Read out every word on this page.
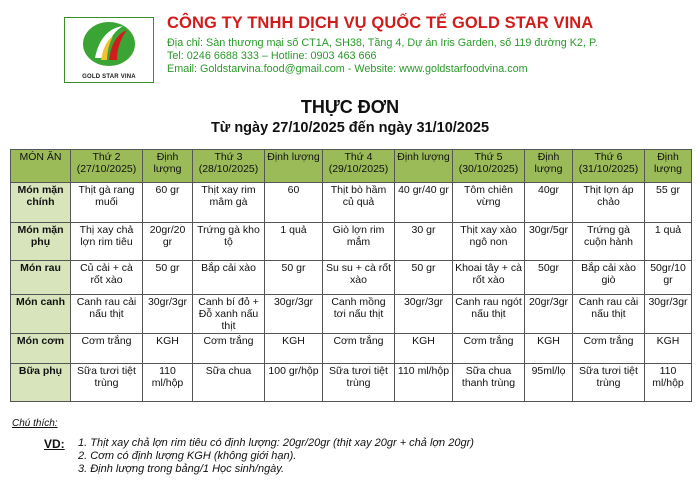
GOLD STAR VINA
CÔNG TY TNHH DỊCH VỤ QUỐC TẾ GOLD STAR VINA
Địa chỉ: Sàn thương mại số CT1A, SH38, Tầng 4, Dự án Iris Garden, số 119 đường K2, P.
Tel: 0246 6688 333 – Hotline: 0903 463 666
Email: Goldstarvina.food@gmail.com - Website: www.goldstarfoodvina.com
THỰC ĐƠN
Từ ngày 27/10/2025 đến ngày 31/10/2025
MÓN ĂN	Thứ 2 (27/10/2025)	Định lượng	Thứ 3 (28/10/2025)	Định lượng	Thứ 4 (29/10/2025)	Định lượng	Thứ 5 (30/10/2025)	Định lượng	Thứ 6 (31/10/2025)	Định lượng
Món mặn chính	Thịt gà rang muối	60 gr	Thịt xay rim mâm gà	60	Thịt bò hầm củ quả	40 gr/40 gr	Tôm chiên vừng	40gr	Thịt lợn áp chảo	55 gr
Món mặn phụ	Thị xay chả lợn rim tiêu	20gr/20 gr	Trứng gà kho tộ	1 quả	Giò lợn rim mắm	30 gr	Thịt xay xào ngô non	30gr/5gr	Trứng gà cuộn hành	1 quả
Món rau	Củ cải + cà rốt xào	50 gr	Bắp cải xào	50 gr	Su su + cà rốt xào	50 gr	Khoai tây + cà rốt xào	50gr	Bắp cải xào giò	50gr/10 gr
Món canh	Canh rau cải nấu thịt	30gr/3gr	Canh bí đỏ + Đỗ xanh nấu thịt	30gr/3gr	Canh mồng tơi nấu thịt	30gr/3gr	Canh rau ngót nấu thịt	20gr/3gr	Canh rau cải nấu thịt	30gr/3gr
Món cơm	Cơm trắng	KGH	Cơm trắng	KGH	Cơm trắng	KGH	Cơm trắng	KGH	Cơm trắng	KGH
Bữa phụ	Sữa tươi tiệt trùng	110 ml/hộp	Sữa chua	100 gr/hộp	Sữa tươi tiệt trùng	110 ml/hộp	Sữa chua thanh trùng	95ml/lọ	Sữa tươi tiệt trùng	110 ml/hộp
Chú thích:
VD: 1. Thịt xay chả lợn rim tiêu có định lượng: 20gr/20gr (thịt xay 20gr + chả lợn 20gr)
2. Cơm có định lượng KGH (không giới hạn).
3. Định lượng trong bảng/1 Học sinh/ngày.
